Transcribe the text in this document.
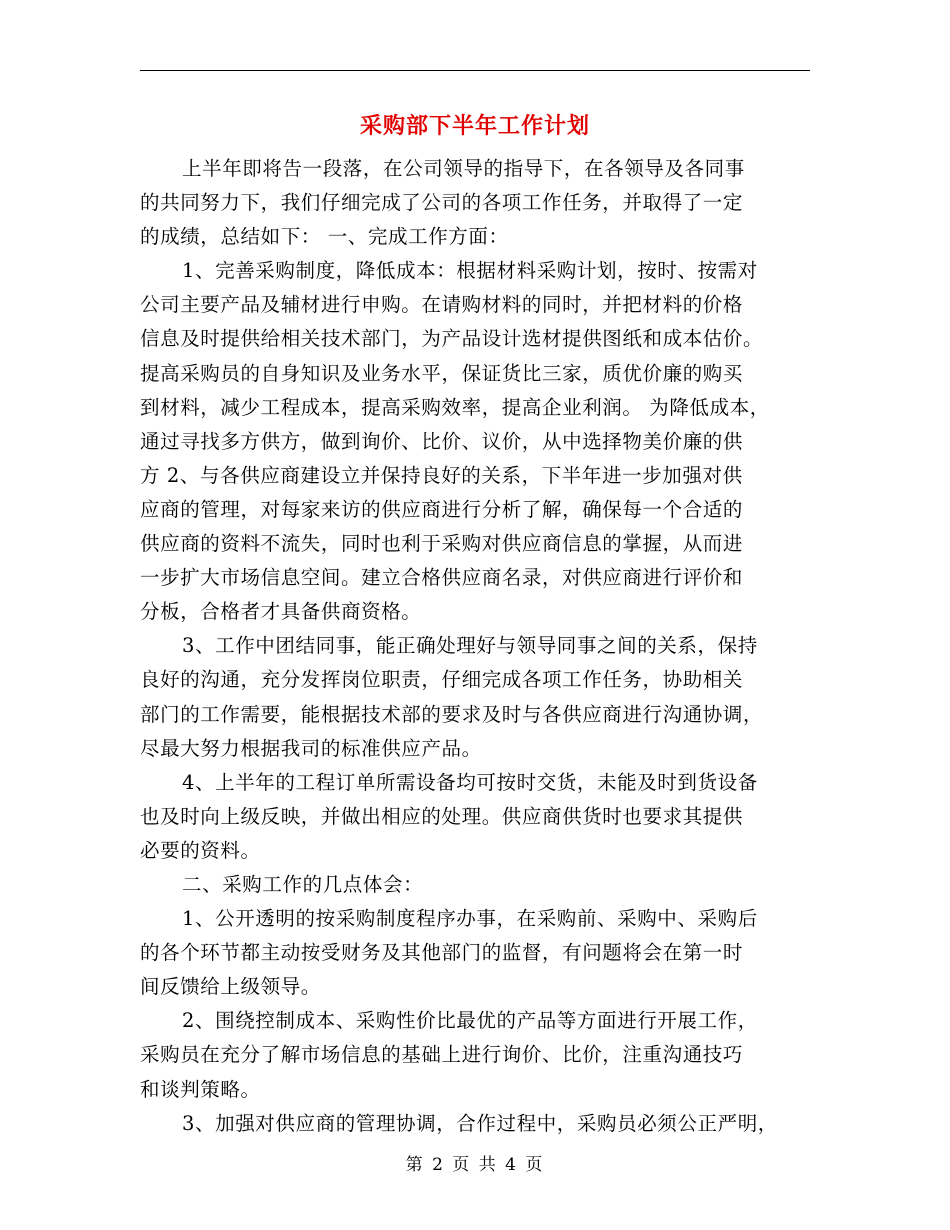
采购部下半年工作计划
上半年即将告一段落，在公司领导的指导下，在各领导及各同事
的共同努力下，我们仔细完成了公司的各项工作任务，并取得了一定
的成绩，总结如下： 一、完成工作方面：
1、完善采购制度，降低成本：根据材料采购计划，按时、按需对
公司主要产品及辅材进行申购。在请购材料的同时，并把材料的价格
信息及时提供给相关技术部门，为产品设计选材提供图纸和成本估价。
提高采购员的自身知识及业务水平，保证货比三家，质优价廉的购买
到材料，减少工程成本，提高采购效率，提高企业利润。 为降低成本，
通过寻找多方供方，做到询价、比价、议价，从中选择物美价廉的供
方 2、与各供应商建设立并保持良好的关系，下半年进一步加强对供
应商的管理，对每家来访的供应商进行分析了解，确保每一个合适的
供应商的资料不流失，同时也利于采购对供应商信息的掌握，从而进
一步扩大市场信息空间。建立合格供应商名录，对供应商进行评价和
分板，合格者才具备供商资格。
3、工作中团结同事，能正确处理好与领导同事之间的关系，保持
良好的沟通，充分发挥岗位职责，仔细完成各项工作任务，协助相关
部门的工作需要，能根据技术部的要求及时与各供应商进行沟通协调，
尽最大努力根据我司的标准供应产品。
4、上半年的工程订单所需设备均可按时交货，未能及时到货设备
也及时向上级反映，并做出相应的处理。供应商供货时也要求其提供
必要的资料。
二、采购工作的几点体会：
1、公开透明的按采购制度程序办事，在采购前、采购中、采购后
的各个环节都主动按受财务及其他部门的监督，有问题将会在第一时
间反馈给上级领导。
2、围绕控制成本、采购性价比最优的产品等方面进行开展工作，
采购员在充分了解市场信息的基础上进行询价、比价，注重沟通技巧
和谈判策略。
3、加强对供应商的管理协调，合作过程中，采购员必须公正严明，
第 2 页 共 4 页
